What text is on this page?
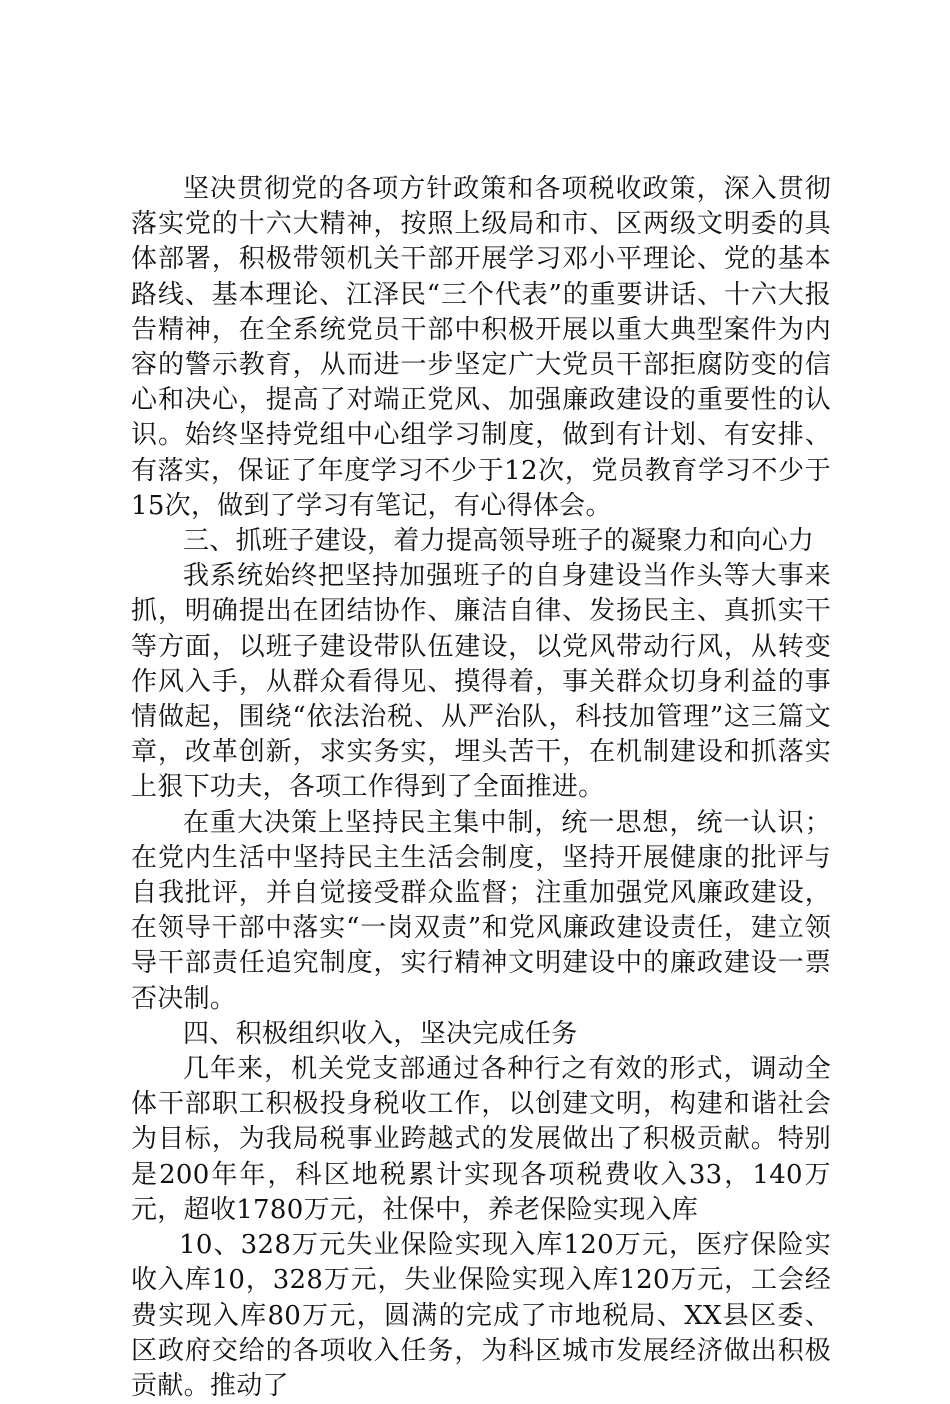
坚决贯彻党的各项方针政策和各项税收政策，深入贯彻落实党的十六大精神，按照上级局和市、区两级文明委的具体部署，积极带领机关干部开展学习邓小平理论、党的基本路线、基本理论、江泽民“三个代表”的重要讲话、十六大报告精神，在全系统党员干部中积极开展以重大典型案件为内容的警示教育，从而进一步坚定广大党员干部拒腐防变的信心和决心，提高了对端正党风、加强廉政建设的重要性的认识。始终坚持党组中心组学习制度，做到有计划、有安排、有落实，保证了年度学习不少于12次，党员教育学习不少于15次，做到了学习有笔记，有心得体会。

三、抓班子建设，着力提高领导班子的凝聚力和向心力

我系统始终把坚持加强班子的自身建设当作头等大事来抓，明确提出在团结协作、廉洁自律、发扬民主、真抓实干等方面，以班子建设带队伍建设，以党风带动行风，从转变作风入手，从群众看得见、摸得着，事关群众切身利益的事情做起，围绕“依法治税、从严治队，科技加管理”这三篇文章，改革创新，求实务实，埋头苦干，在机制建设和抓落实上狠下功夫，各项工作得到了全面推进。

在重大决策上坚持民主集中制，统一思想，统一认识；在党内生活中坚持民主生活会制度，坚持开展健康的批评与自我批评，并自觉接受群众监督；注重加强党风廉政建设，在领导干部中落实“一岗双责”和党风廉政建设责任，建立领导干部责任追究制度，实行精神文明建设中的廉政建设一票否决制。

四、积极组织收入，坚决完成任务

几年来，机关党支部通过各种行之有效的形式，调动全体干部职工积极投身税收工作，以创建文明，构建和谐社会为目标，为我局税事业跨越式的发展做出了积极贡献。特别是200年年，科区地税累计实现各项税费收入33，140万元，超收1780万元，社保中，养老保险实现入库

10、328万元失业保险实现入库120万元，医疗保险实收入库10，328万元，失业保险实现入库120万元，工会经费实现入库80万元，圆满的完成了市地税局、XX县区委、区政府交给的各项收入任务，为科区城市发展经济做出积极贡献。推动了
